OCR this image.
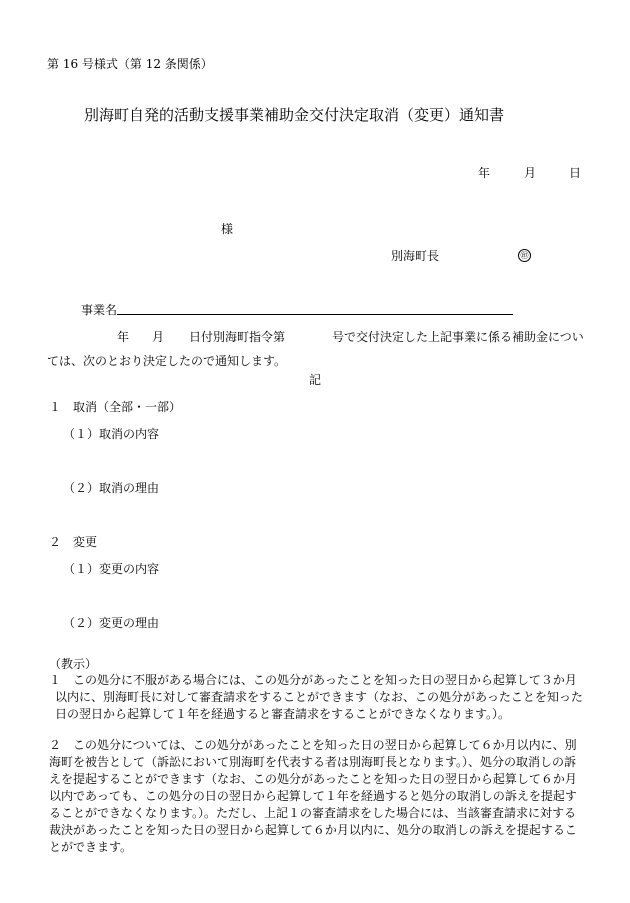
第 16 号様式（第 12 条関係）
別海町自発的活動支援事業補助金交付決定取消（変更）通知書
年	月	日
様
別海町長	㊞
事業名
年 月 日付別海町指令第	号で交付決定した上記事業に係る補助金につい
ては、次のとおり決定したので通知します。
記
１　取消（全部・一部）
（１）取消の内容
（２）取消の理由
２　変更
（１）変更の内容
（２）変更の理由
（教示）
１　この処分に不服がある場合には、この処分があったことを知った日の翌日から起算して３か月
以内に、別海町長に対して審査請求をすることができます（なお、この処分があったことを知った
日の翌日から起算して１年を経過すると審査請求をすることができなくなります。）。
２　この処分については、この処分があったことを知った日の翌日から起算して６か月以内に、別
海町を被告として（訴訟において別海町を代表する者は別海町長となります。）、処分の取消しの訴
えを提起することができます（なお、この処分があったことを知った日の翌日から起算して６か月
以内であっても、この処分の日の翌日から起算して１年を経過すると処分の取消しの訴えを提起す
ることができなくなります。）。ただし、上記１の審査請求をした場合には、当該審査請求に対する
裁決があったことを知った日の翌日から起算して６か月以内に、処分の取消しの訴えを提起するこ
とができます。
